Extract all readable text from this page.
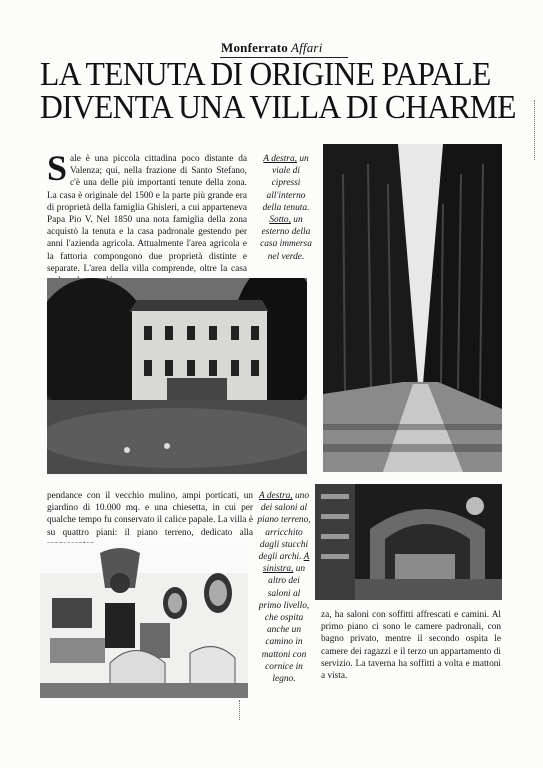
Monferrato Affari
LA TENUTA DI ORIGINE PAPALE
DIVENTA UNA VILLA DI CHARME
Sale è una piccola cittadina poco distante da Valenza; qui, nella frazione di Santo Stefano, c'è una delle più importanti tenute della zona. La casa è originale del 1500 e la parte più grande era di proprietà della famiglia Ghisleri, a cui apparteneva Papa Pio V. Nel 1850 una nota famiglia della zona acquistò la tenuta e la casa padronale gestendo per anni l'azienda agricola. Attualmente l'area agricola e la fattoria compongono due proprietà distinte e separate. L'area della villa comprende, oltre la casa
A destra, un viale di cipressi all'interno della tenuta. Sotto, un esterno della casa immersa nel verde.
pendance con il vecchio mulino, ampi porticati, un giardino di 10.000 mq. e una chiesetta, in cui per qualche tempo fu conservato il calice papale. La villa è su quattro piani: il piano terreno, dedicato alla
A destra, uno dei saloni al piano terreno, arricchito dagli stucchi degli archi. A sinistra, un altro dei saloni al primo livello, che ospita anche un camino in mattoni con cornice in legno.
za, ha saloni con soffitti affrescati e camini. Al primo piano ci sono le camere padronali, con bagno privato, mentre il secondo ospita le camere dei ragazzi e il terzo un appartamento di servizio. La taverna ha soffitti a volta e mattoni a vista.
